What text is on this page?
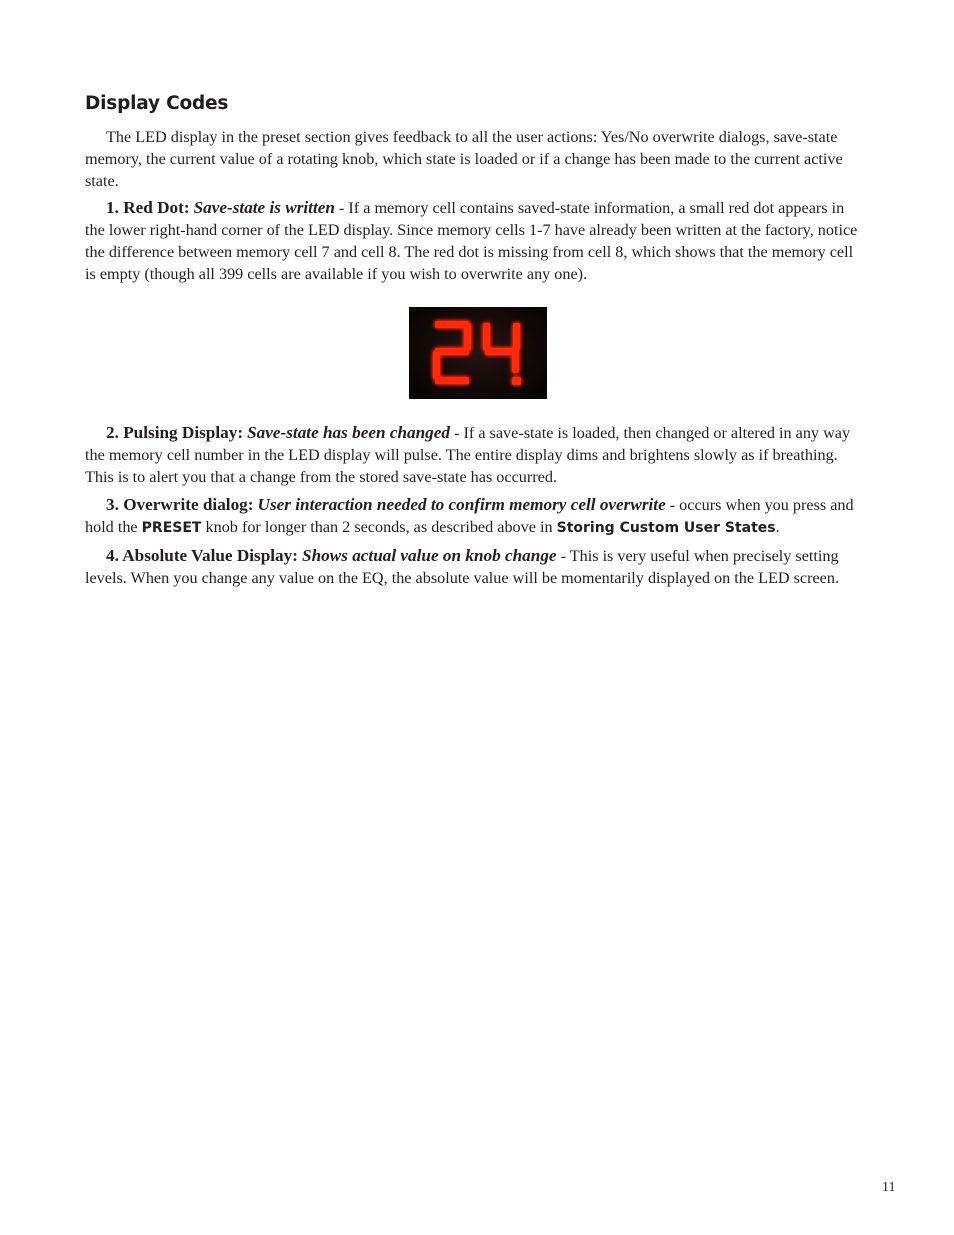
Display Codes

The LED display in the preset section gives feedback to all the user actions: Yes/No overwrite dialogs, save-state memory, the current value of a rotating knob, which state is loaded or if a change has been made to the current active state.

1. Red Dot: Save-state is written - If a memory cell contains saved-state information, a small red dot appears in the lower right-hand corner of the LED display. Since memory cells 1-7 have already been written at the factory, notice the difference between memory cell 7 and cell 8. The red dot is missing from cell 8, which shows that the memory cell is empty (though all 399 cells are available if you wish to overwrite any one).

2. Pulsing Display: Save-state has been changed - If a save-state is loaded, then changed or altered in any way the memory cell number in the LED display will pulse. The entire display dims and brightens slowly as if breathing. This is to alert you that a change from the stored save-state has occurred.

3. Overwrite dialog: User interaction needed to confirm memory cell overwrite - occurs when you press and hold the PRESET knob for longer than 2 seconds, as described above in Storing Custom User States.

4. Absolute Value Display: Shows actual value on knob change - This is very useful when precisely setting levels. When you change any value on the EQ, the absolute value will be momentarily displayed on the LED screen.

11
